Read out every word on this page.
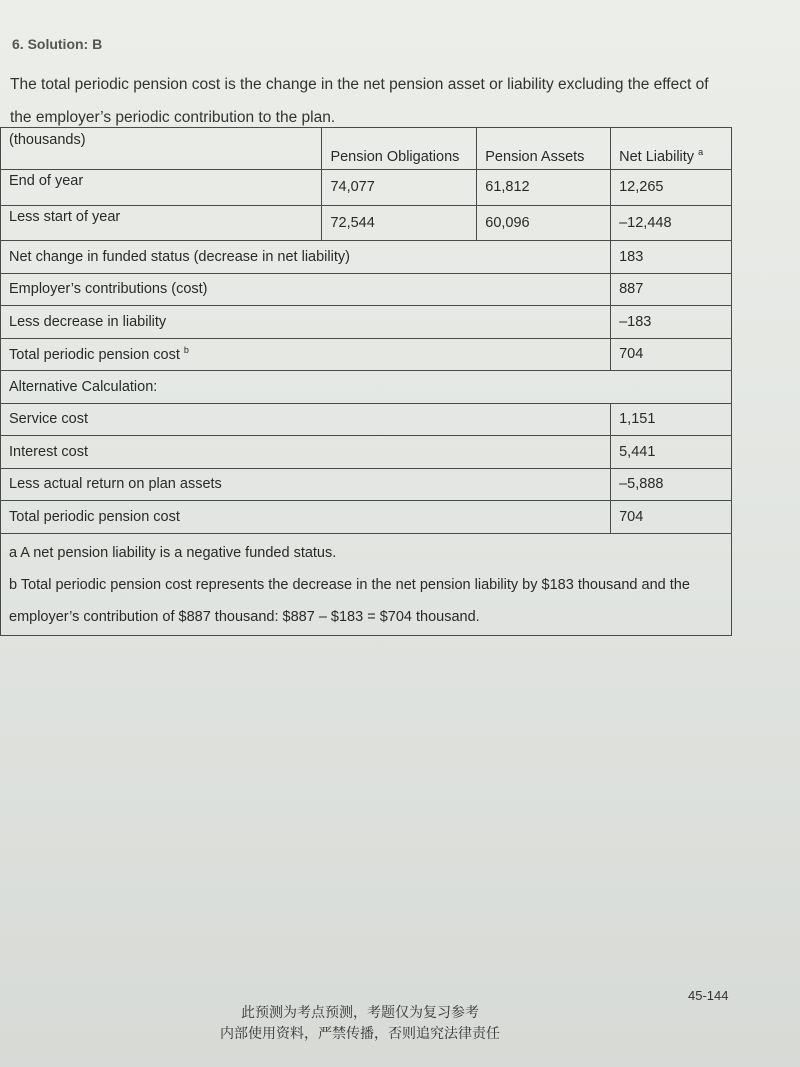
6. Solution: B
The total periodic pension cost is the change in the net pension asset or liability excluding the effect of the employer’s periodic contribution to the plan.
(thousands)	Pension Obligations	Pension Assets	Net Liability $^a$
End of year	74,077	61,812	12,265
Less start of year	72,544	60,096	–12,448
Net change in funded status (decrease in net liability)			183
Employer’s contributions (cost)			887
Less decrease in liability			–183
Total periodic pension cost $^b$			704
Alternative Calculation:			
Service cost			1,151
Interest cost			5,441
Less actual return on plan assets			–5,888
Total periodic pension cost			704

a A net pension liability is a negative funded status.
b Total periodic pension cost represents the decrease in the net pension liability by $183 thousand and the employer’s contribution of $887 thousand: $887 – $183 = $704 thousand.			
45-144
此预测为考点预测，考题仅为复习参考
内部使用资料，严禁传播，否则追究法律责任
